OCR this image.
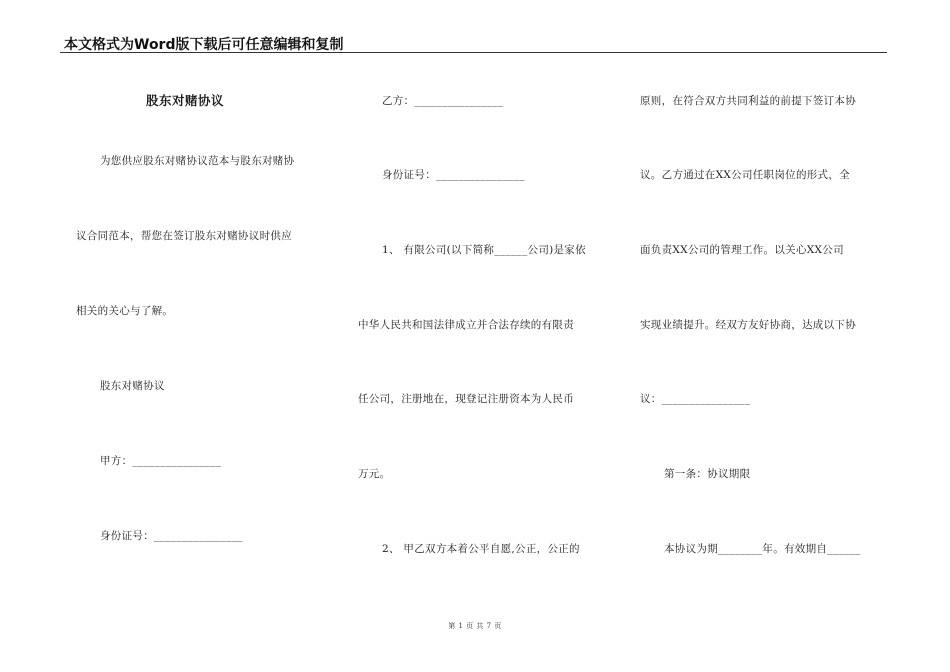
本文格式为Word版下载后可任意编辑和复制
股东对赌协议
为您供应股东对赌协议范本与股东对赌协
议合同范本，帮您在签订股东对赌协议时供应
相关的关心与了解。
股东对赌协议
甲方：________________
身份证号：________________
乙方：________________
身份证号：________________
1、 有限公司(以下简称______公司)是家依
中华人民共和国法律成立并合法存续的有限责
任公司，注册地在，现登记注册资本为人民币
万元。
2、 甲乙双方本着公平自愿,公正，公正的
原则，在符合双方共同利益的前提下签订本协
议。乙方通过在XX公司任职岗位的形式，全
面负责XX公司的管理工作。以关心XX公司
实现业绩提升。经双方友好协商，达成以下协
议：________________
第一条：协议期限
本协议为期________年。有效期自______
第 1 页 共 7 页
